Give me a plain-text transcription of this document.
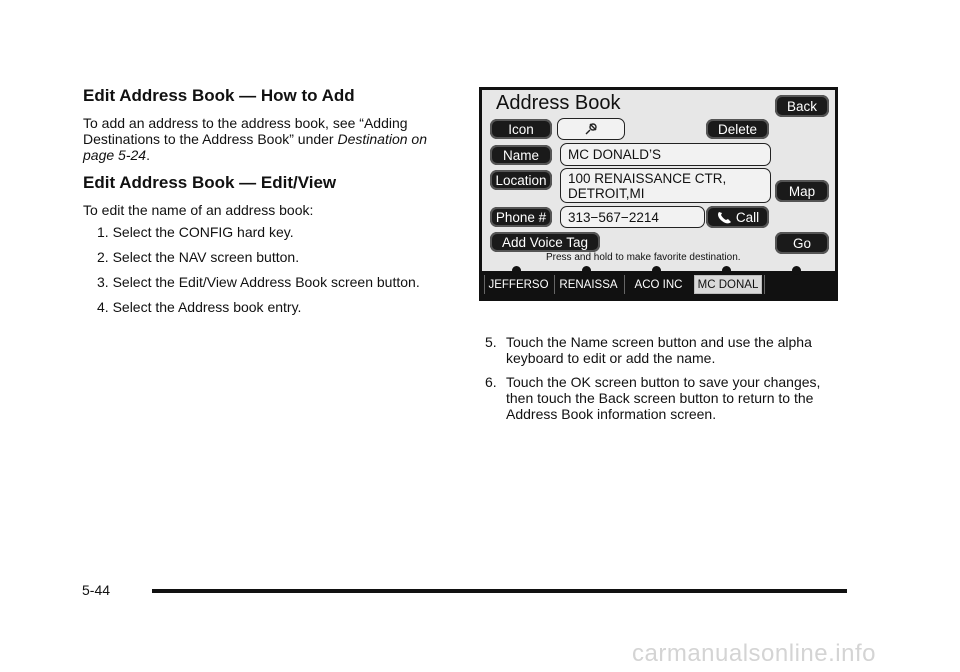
Edit Address Book — How to Add

To add an address to the address book, see “Adding Destinations to the Address Book” under Destination on page 5‑24.

Edit Address Book — Edit/View

To edit the name of an address book:

1. Select the CONFIG hard key.
2. Select the NAV screen button.
3. Select the Edit/View Address Book screen button.
4. Select the Address book entry.
Address Book	Back
Icon	Delete
Name	MC DONALD’S
Location	100 RENAISSANCE CTR,
DETROIT,MI	Map
Phone #	313−567−2214	Call
Add Voice Tag	Go
Press and hold to make favorite destination.
JEFFERSO RENAISSA	ACO INC	MC DONAL
5. Touch the Name screen button and use the alpha keyboard to edit or add the name.
6. Touch the OK screen button to save your changes, then touch the Back screen button to return to the Address Book information screen.
5-44
carmanualsonline.info
